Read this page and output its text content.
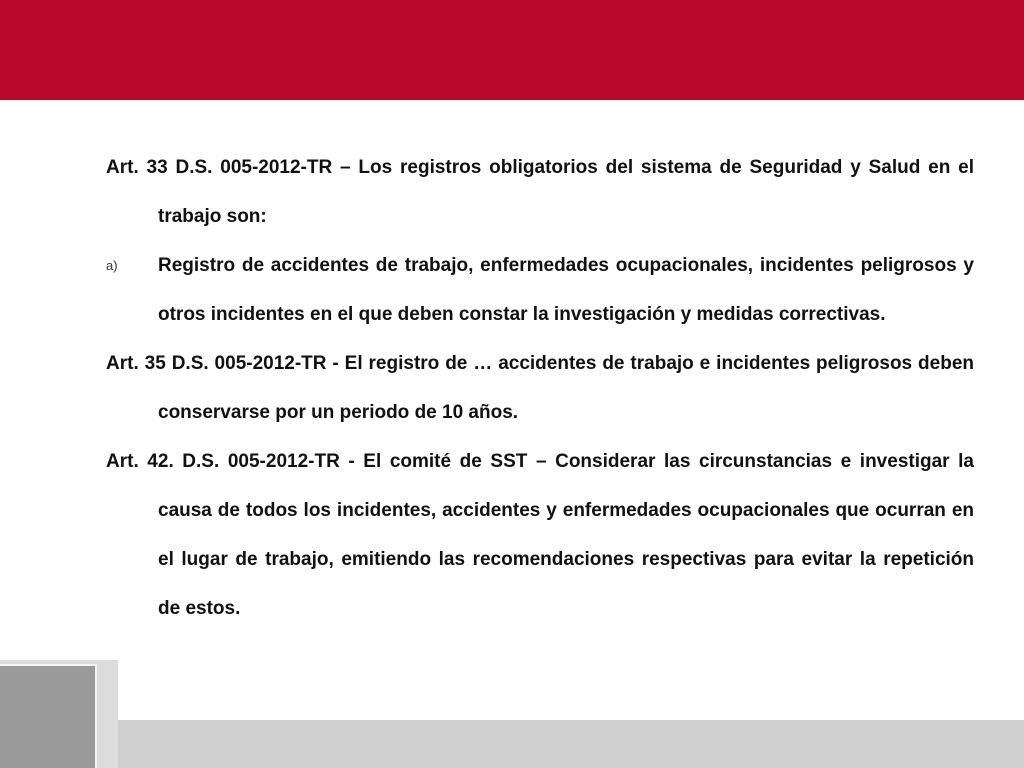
Art. 33 D.S. 005-2012-TR – Los registros obligatorios del sistema de Seguridad y Salud en el trabajo son:

a) Registro de accidentes de trabajo, enfermedades ocupacionales, incidentes peligrosos y otros incidentes en el que deben constar la investigación y medidas correctivas.

Art. 35 D.S. 005-2012-TR - El registro de … accidentes de trabajo e incidentes peligrosos deben conservarse por un periodo de 10 años.

Art. 42. D.S. 005-2012-TR - El comité de SST – Considerar las circunstancias e investigar la causa de todos los incidentes, accidentes y enfermedades ocupacionales que ocurran en el lugar de trabajo, emitiendo las recomendaciones respectivas para evitar la repetición de estos.
